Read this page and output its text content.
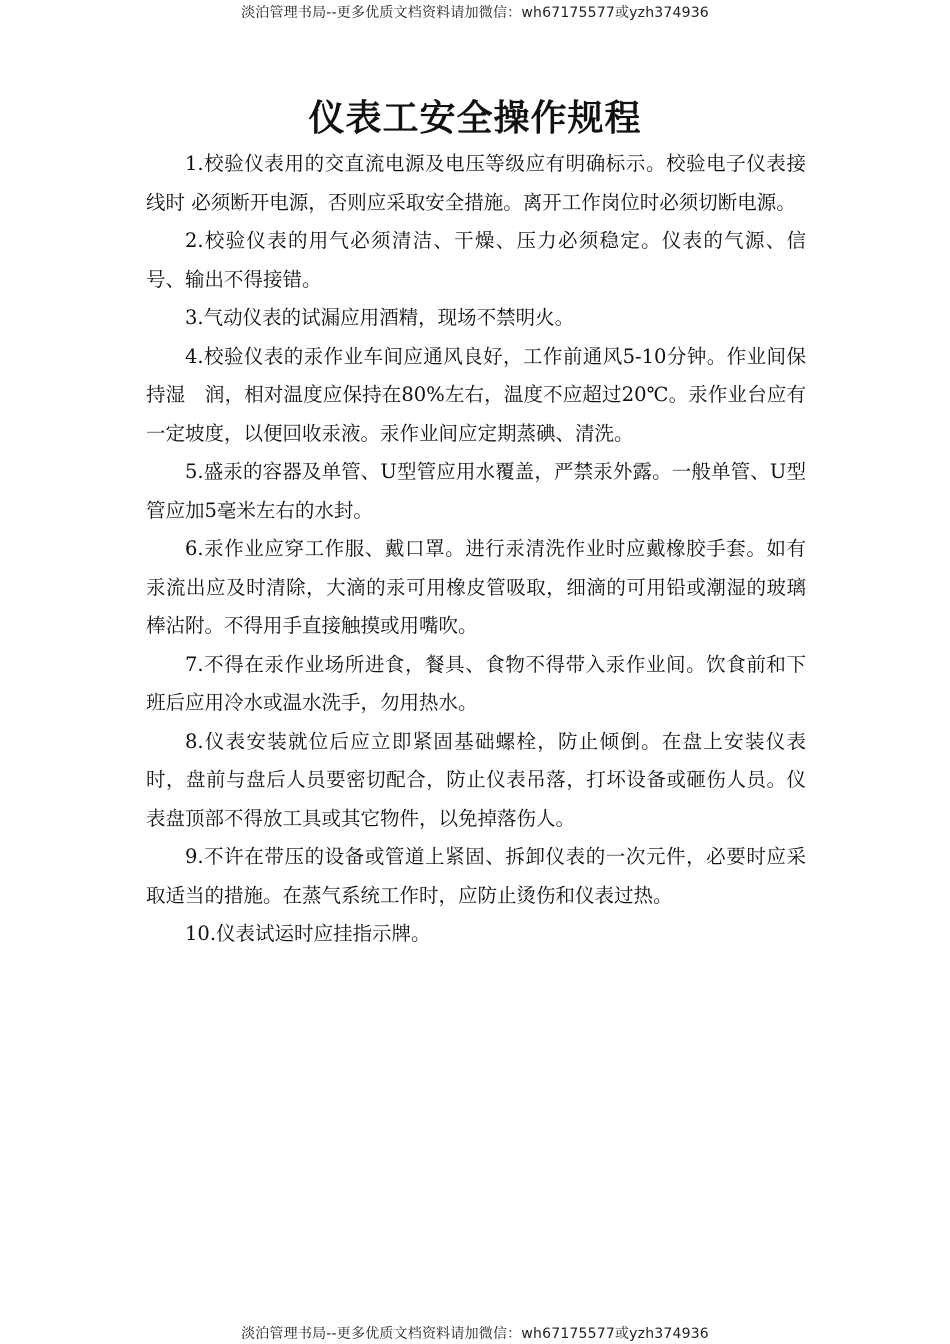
淡泊管理书局--更多优质文档资料请加微信：wh67175577或yzh374936
仪表工安全操作规程

1.校验仪表用的交直流电源及电压等级应有明确标示。校验电子仪表接线时 必须断开电源，否则应采取安全措施。离开工作岗位时必须切断电源。

2.校验仪表的用气必须清洁、干燥、压力必须稳定。仪表的气源、信号、输出不得接错。

3.气动仪表的试漏应用酒精，现场不禁明火。

4.校验仪表的汞作业车间应通风良好，工作前通风5-10分钟。作业间保持湿　润，相对温度应保持在80%左右，温度不应超过20℃。汞作业台应有一定坡度，以便回收汞液。汞作业间应定期蒸碘、清洗。

5.盛汞的容器及单管、U型管应用水覆盖，严禁汞外露。一般单管、U型管应加5毫米左右的水封。

6.汞作业应穿工作服、戴口罩。进行汞清洗作业时应戴橡胶手套。如有汞流出应及时清除，大滴的汞可用橡皮管吸取，细滴的可用铅或潮湿的玻璃棒沾附。不得用手直接触摸或用嘴吹。

7.不得在汞作业场所进食，餐具、食物不得带入汞作业间。饮食前和下班后应用冷水或温水洗手，勿用热水。

8.仪表安装就位后应立即紧固基础螺栓，防止倾倒。在盘上安装仪表时，盘前与盘后人员要密切配合，防止仪表吊落，打坏设备或砸伤人员。仪表盘顶部不得放工具或其它物件，以免掉落伤人。

9.不许在带压的设备或管道上紧固、拆卸仪表的一次元件，必要时应采取适当的措施。在蒸气系统工作时，应防止烫伤和仪表过热。

10.仪表试运时应挂指示牌。

淡泊管理书局--更多优质文档资料请加微信：wh67175577或yzh374936
